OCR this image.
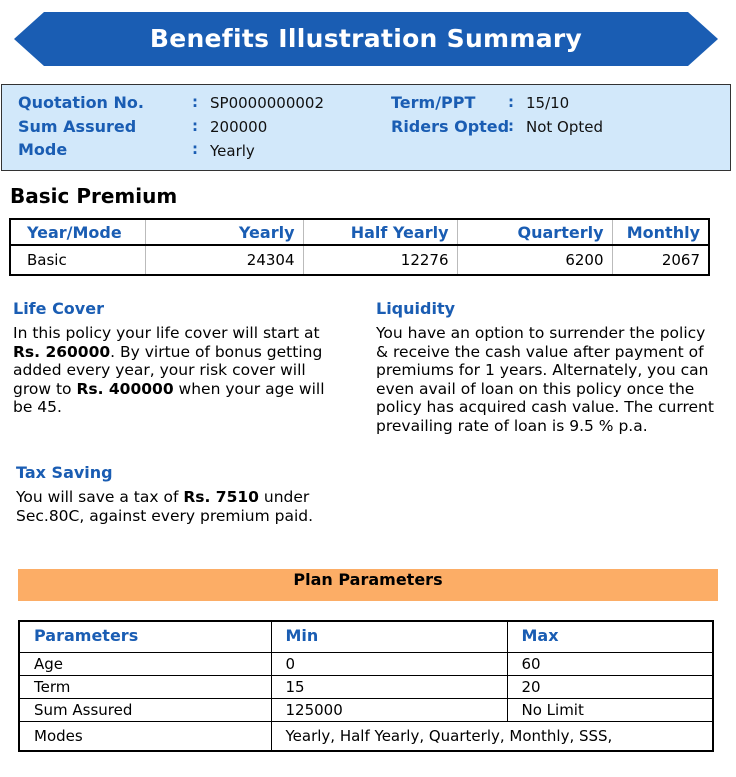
Benefits Illustration Summary
Quotation No.	: SP0000000002
Sum Assured	: 200000
Mode	: Yearly
Term/PPT : 15/10
Riders Opted
: Not Opted
Basic Premium
Year/Mode	Yearly	Half Yearly	Quarterly	Monthly
Basic	24304	12276	6200	2067
Life Cover

In this policy your life cover will start at Rs. 260000. By virtue of bonus getting added every year, your risk cover will grow to Rs. 400000 when your age will be 45.

Liquidity

You have an option to surrender the policy & receive the cash value after payment of premiums for 1 years. Alternately, you can even avail of loan on this policy once the policy has acquired cash value. The current prevailing rate of loan is 9.5 % p.a.

Tax Saving

You will save a tax of Rs. 7510 under Sec.80C, against every premium paid.

Plan Parameters
Parameters	Min	Max
Age	0	60
Term	15	20
Sum Assured	125000	No Limit
Modes	Yearly, Half Yearly, Quarterly, Monthly, SSS,	
